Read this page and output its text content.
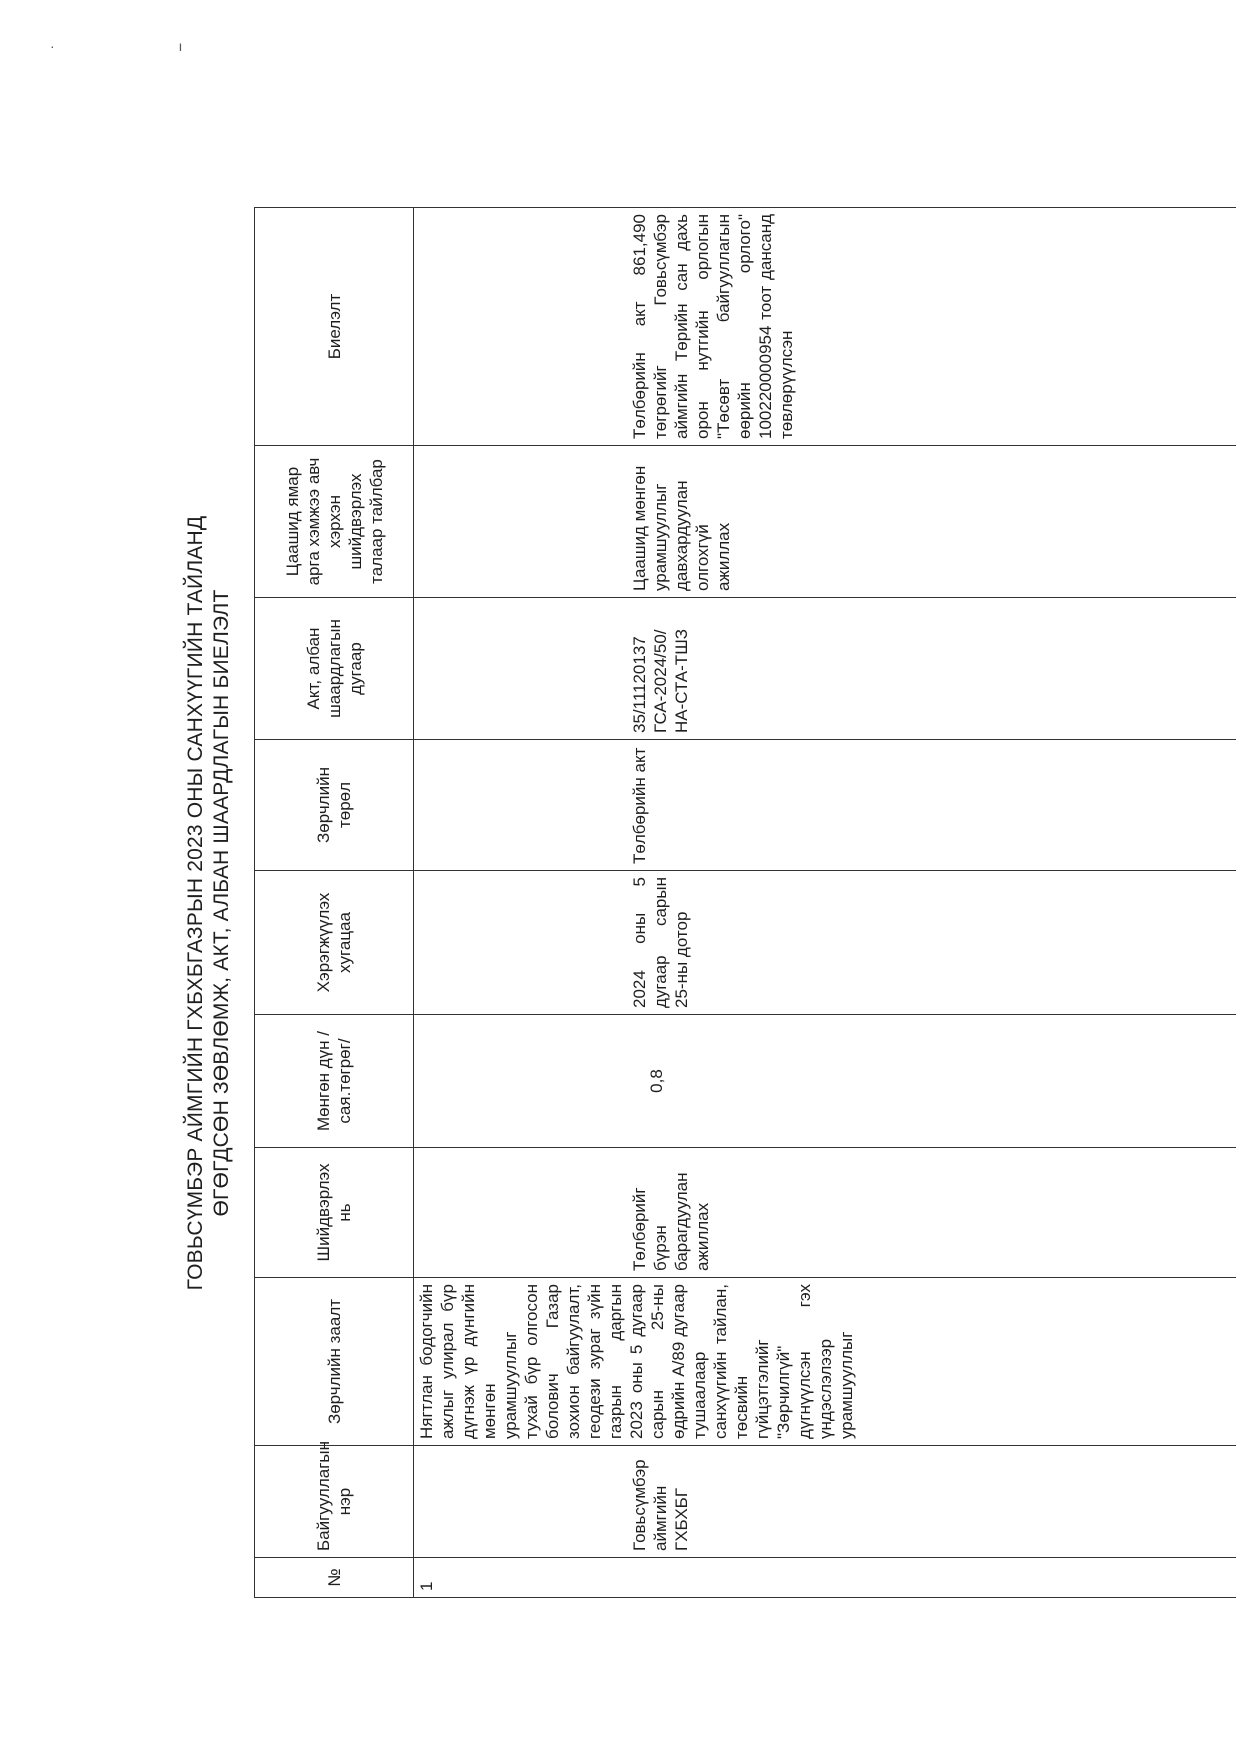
· ı
ГОВЬСҮМБЭР АЙМГИЙН ГХБХБГАЗРЫН 2023 ОНЫ САНХҮҮГИЙН ТАЙЛАНД ӨГӨГДСӨН ЗӨВЛӨМЖ, АКТ, АЛБАН ШААРДЛАГЫН БИЕЛЭЛТ
№	Байгууллагын нэр	Зөрчлийн заалт	Шийдвэрлэх нь	Мөнгөн дүн /сая.төгрөг/	Хэрэгжүүлэх хугацаа	Зөрчлийн төрөл	Акт, албан шаардлагын дугаар	Цаашид ямар арга хэмжээ авч хэрхэн шийдвэрлэх талаар тайлбар	Биелэлт
1	Говьсүмбэр аймгийн ГХБХБГ	Нягтлан бодогчийн ажлыг улирал бүр дүгнэж үр дүнгийн мөнгөн урамшууллыг тухай бүр олгосон болович Газар зохион байгуулалт, геодези зураг зүйн газрын даргын 2023 оны 5 дугаар сарын 25-ны өдрийн А/89 дугаар тушаалаар санхүүгийн тайлан, төсвийн гүйцэтгэлийг "Зөрчилгүй" дүгнүүлсэн гэх үндэслэлээр урамшууллыг	Төлбөрийг бүрэн барагдуулан ажиллах	0,8	2024 оны 5 дугаар сарын 25-ны дотор	Төлбөрийн акт	35/11120137 ГСА-2024/50/НА-СТА-ТШЗ	Цаашид мөнгөн урамшууллыг давхардуулан олгохгүй ажиллах	Төлбөрийн акт 861,490 төгрөгийг Говьсүмбэр аймгийн Төрийн сан дахь орон нутгийн орлогын "Төсөвт байгууллагын өөрийн орлого" 100220000954 тоот дансанд төвлөрүүлсэн
